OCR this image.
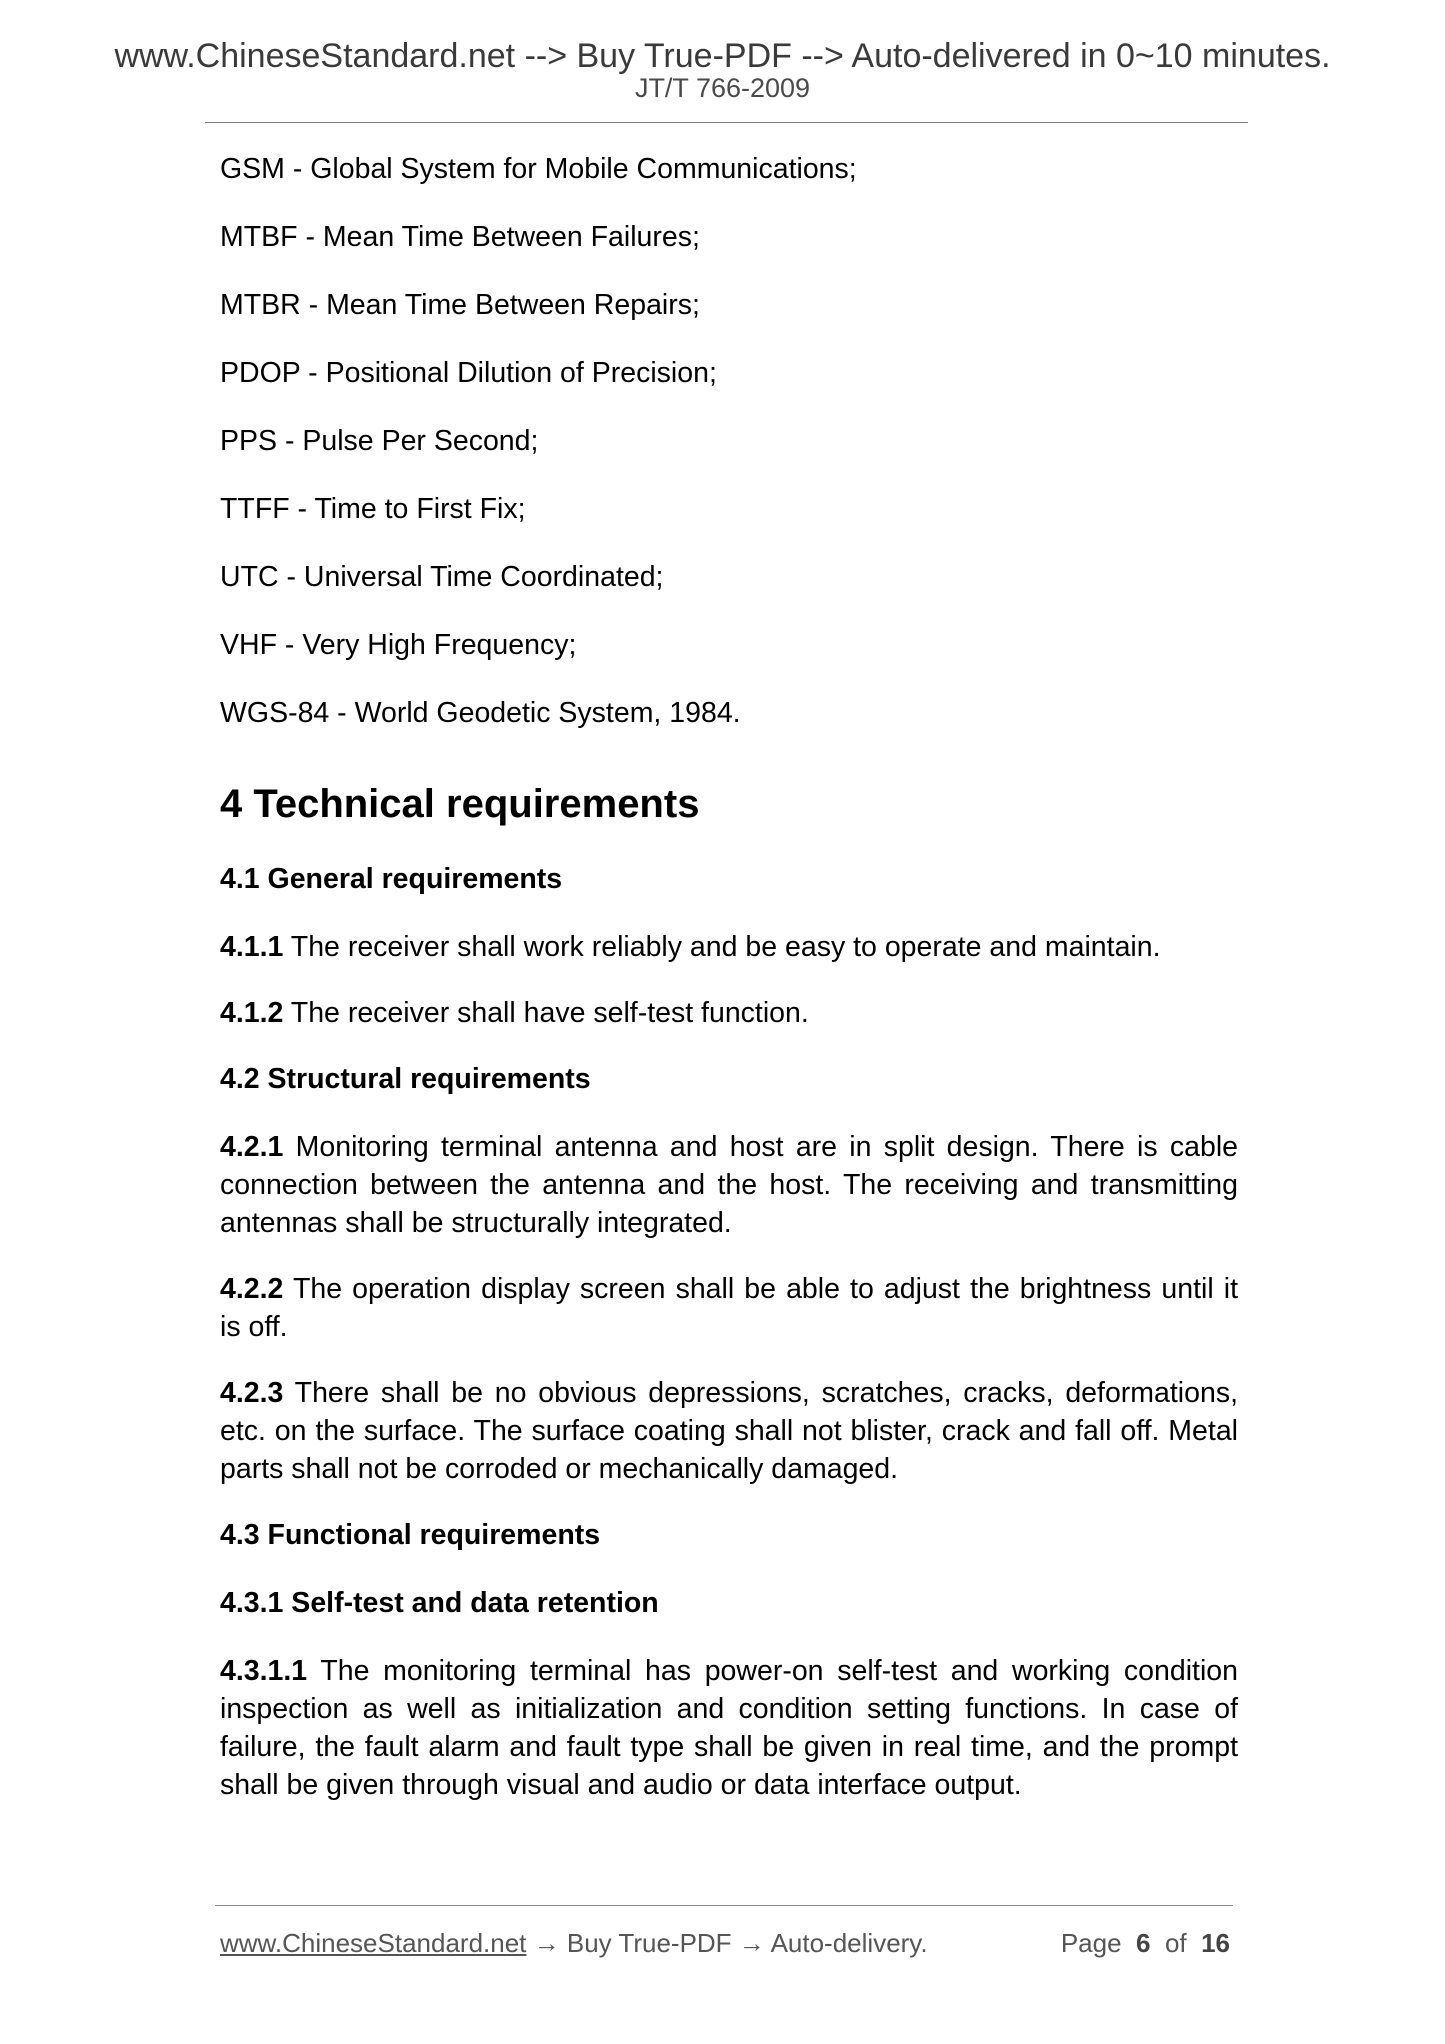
www.ChineseStandard.net --> Buy True-PDF --> Auto-delivered in 0~10 minutes.
JT/T 766-2009

GSM - Global System for Mobile Communications;

MTBF - Mean Time Between Failures;

MTBR - Mean Time Between Repairs;

PDOP - Positional Dilution of Precision;

PPS - Pulse Per Second;

TTFF - Time to First Fix;

UTC - Universal Time Coordinated;

VHF - Very High Frequency;

WGS-84 - World Geodetic System, 1984.

4 Technical requirements
4.1 General requirements

4.1.1 The receiver shall work reliably and be easy to operate and maintain.

4.1.2 The receiver shall have self-test function.

4.2 Structural requirements

4.2.1 Monitoring terminal antenna and host are in split design. There is cable connection between the antenna and the host. The receiving and transmitting antennas shall be structurally integrated.

4.2.2 The operation display screen shall be able to adjust the brightness until it is off.

4.2.3 There shall be no obvious depressions, scratches, cracks, deformations, etc. on the surface. The surface coating shall not blister, crack and fall off. Metal parts shall not be corroded or mechanically damaged.

4.3 Functional requirements
4.3.1 Self-test and data retention

4.3.1.1 The monitoring terminal has power-on self-test and working condition inspection as well as initialization and condition setting functions. In case of failure, the fault alarm and fault type shall be given in real time, and the prompt shall be given through visual and audio or data interface output.

www.ChineseStandard.net → Buy True-PDF → Auto-delivery.	Page 6 of 16
